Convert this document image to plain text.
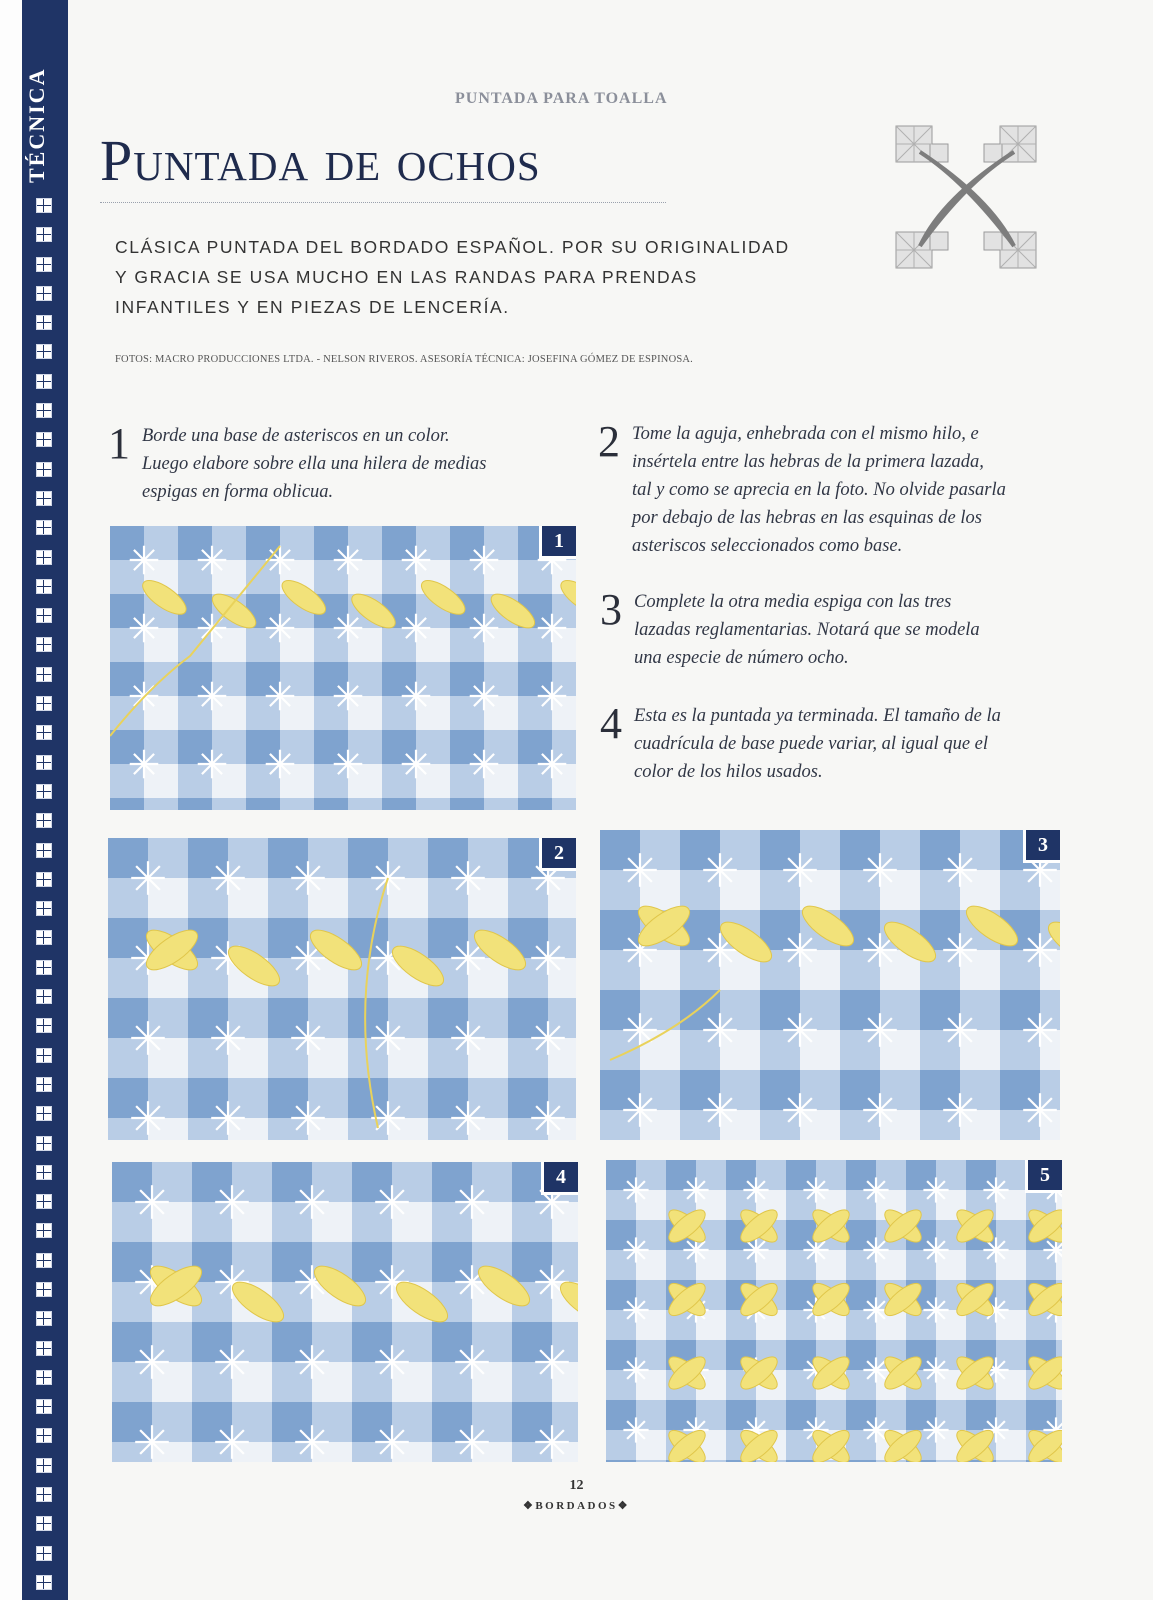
TÉCNICA	PUNTADA PARA TOALLA
Puntada de ochos
CLÁSICA PUNTADA DEL BORDADO ESPAÑOL. POR SU ORIGINALIDAD
Y GRACIA SE USA MUCHO EN LAS RANDAS PARA PRENDAS
INFANTILES Y EN PIEZAS DE LENCERÍA.
FOTOS: MACRO PRODUCCIONES LTDA. - NELSON RIVEROS. ASESORÍA TÉCNICA: JOSEFINA GÓMEZ DE ESPINOSA.
1 Borde una base de asteriscos en un color.
Luego elabore sobre ella una hilera de medias
espigas en forma oblicua.
2 Tome la aguja, enhebrada con el mismo hilo, e
insértela entre las hebras de la primera lazada,
tal y como se aprecia en la foto. No olvide pasarla
por debajo de las hebras en las esquinas de los
asteriscos seleccionados como base.
3 Complete la otra media espiga con las tres
lazadas reglamentarias. Notará que se modela
una especie de número ocho.
4 Esta es la puntada ya terminada. El tamaño de la
cuadrícula de base puede variar, al igual que el
color de los hilos usados.
1
2	3
4	5
12
❖BORDADOS❖
